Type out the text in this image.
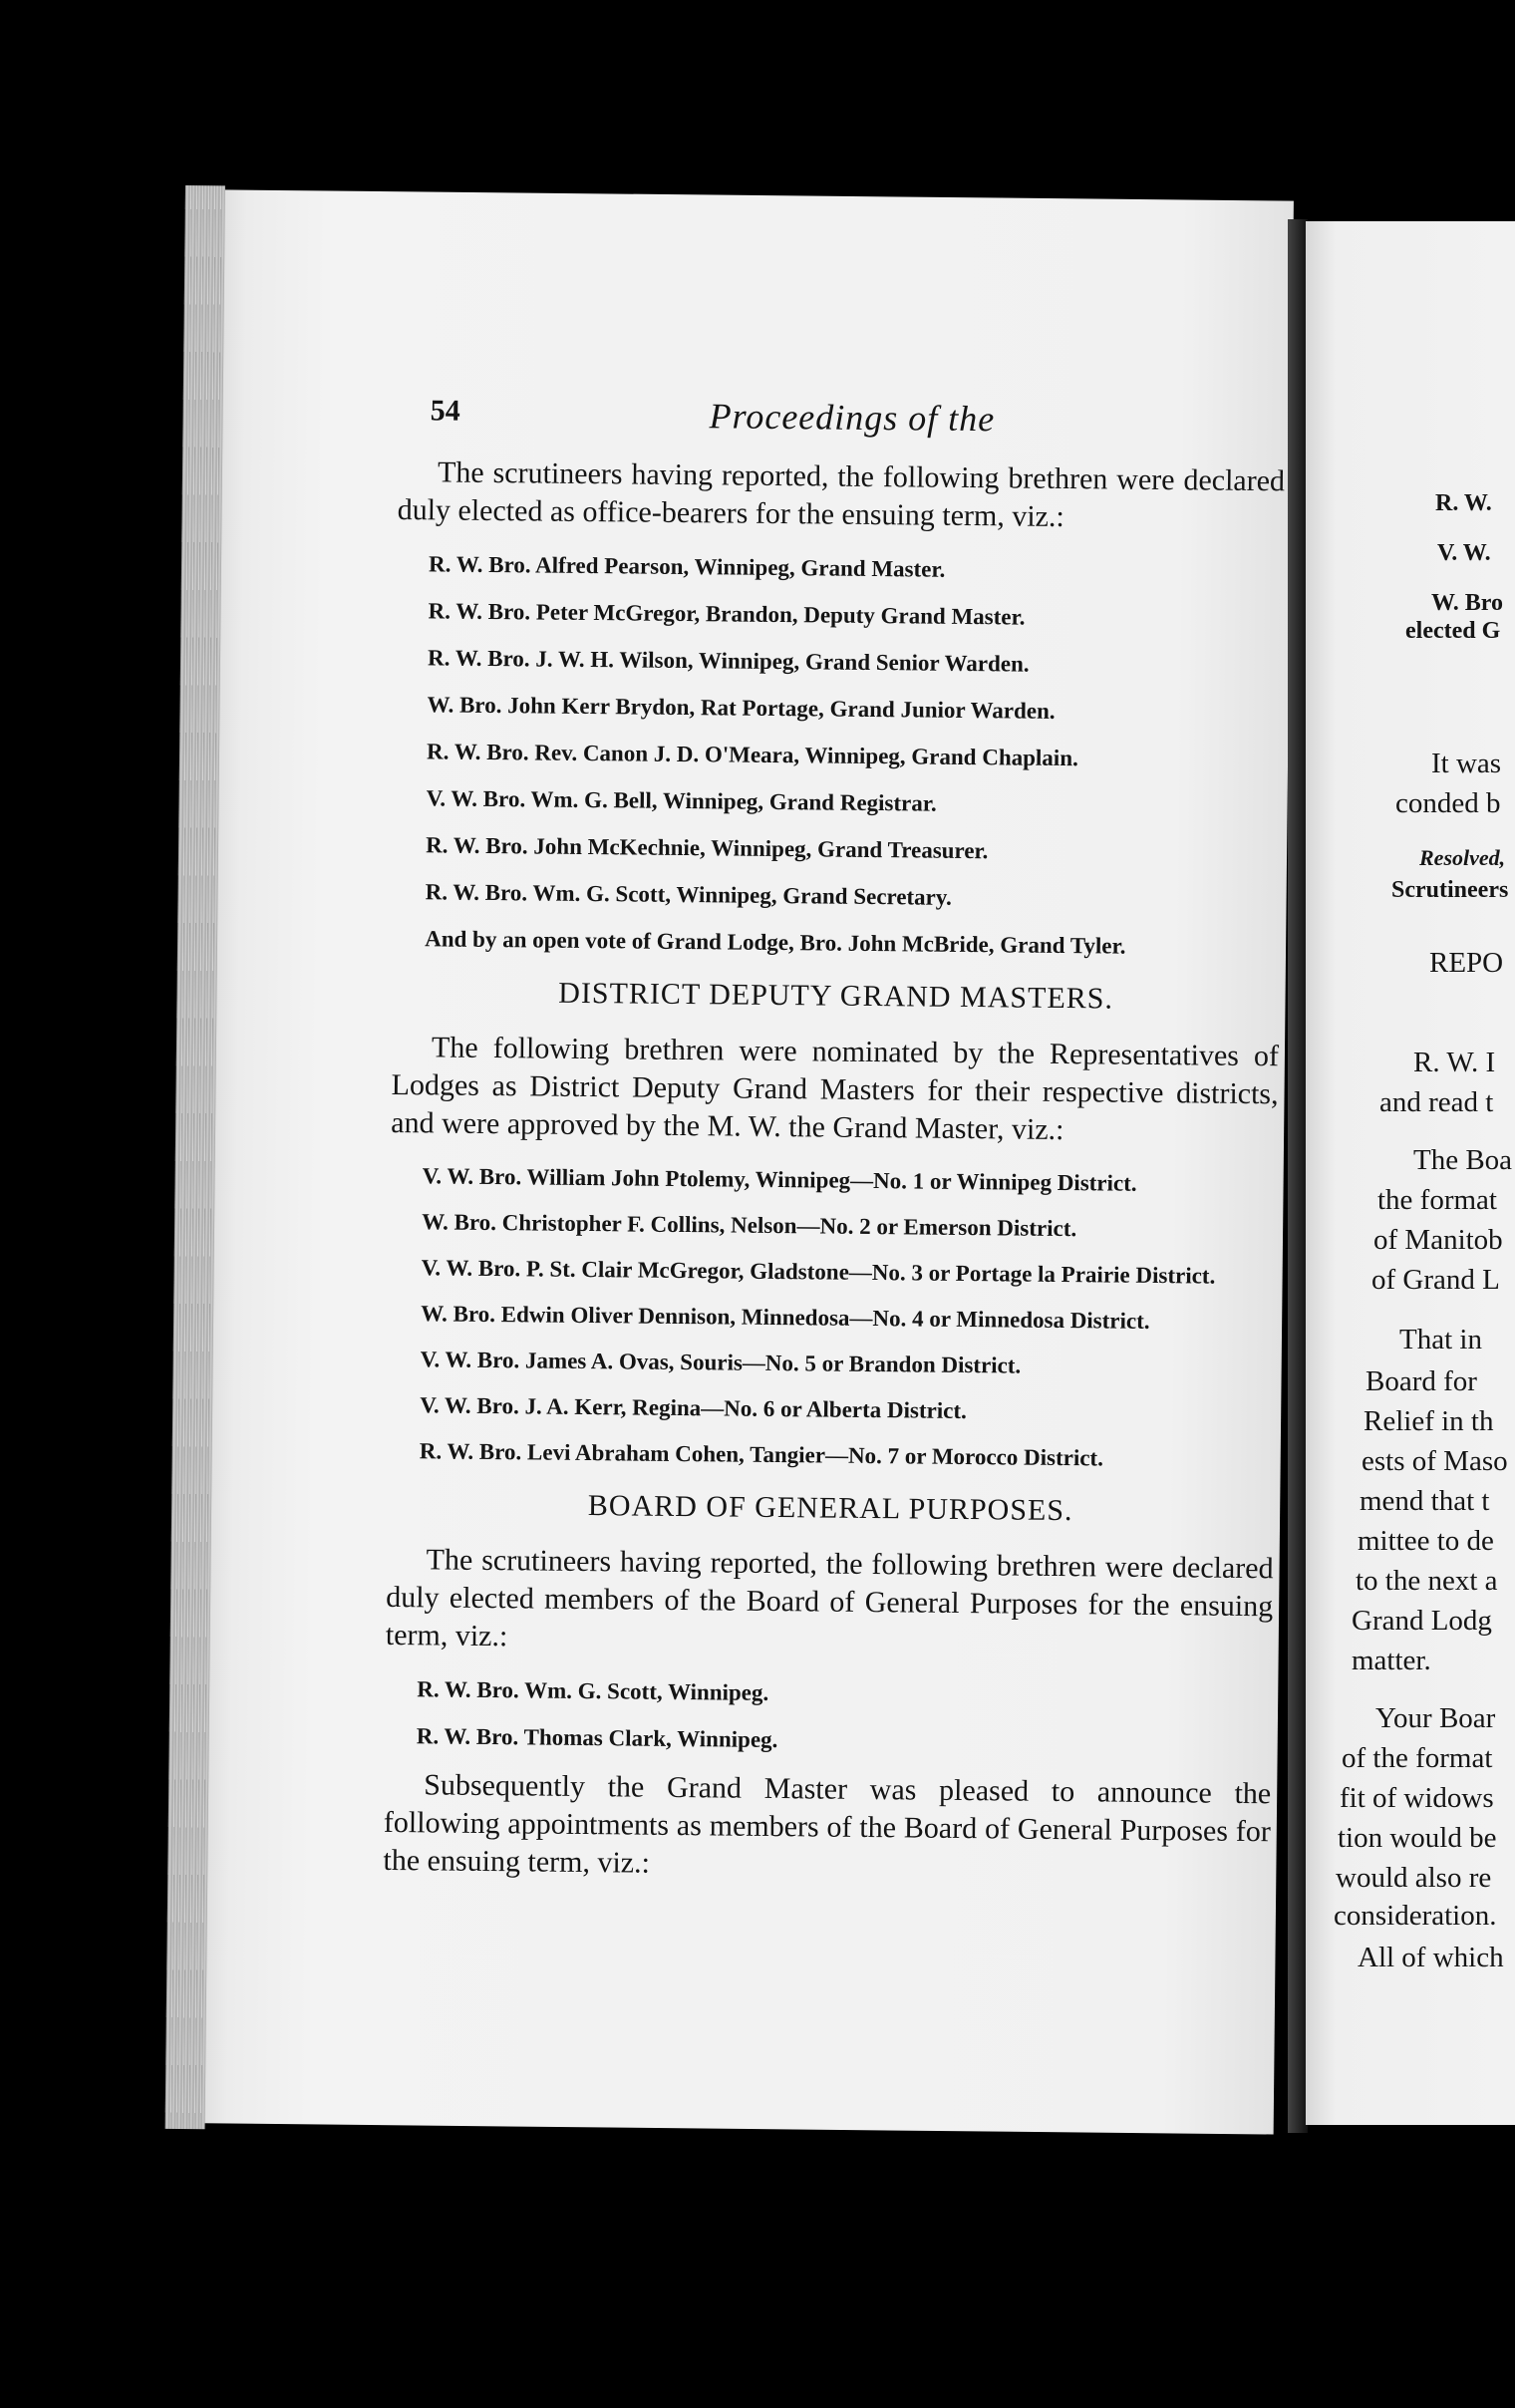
54	Proceedings of the

The scrutineers having reported, the following brethren were declared duly elected as office-bearers for the ensuing term, viz.:

R. W. Bro. Alfred Pearson, Winnipeg, Grand Master.

R. W. Bro. Peter McGregor, Brandon, Deputy Grand Master.

R. W. Bro. J. W. H. Wilson, Winnipeg, Grand Senior Warden.

W. Bro. John Kerr Brydon, Rat Portage, Grand Junior Warden.

R. W. Bro. Rev. Canon J. D. O'Meara, Winnipeg, Grand Chaplain.

V. W. Bro. Wm. G. Bell, Winnipeg, Grand Registrar.

R. W. Bro. John McKechnie, Winnipeg, Grand Treasurer.

R. W. Bro. Wm. G. Scott, Winnipeg, Grand Secretary.

And by an open vote of Grand Lodge, Bro. John McBride, Grand Tyler.

DISTRICT DEPUTY GRAND MASTERS.

The following brethren were nominated by the Representatives of Lodges as District Deputy Grand Masters for their respective districts, and were approved by the M. W. the Grand Master, viz.:

V. W. Bro. William John Ptolemy, Winnipeg—No. 1 or Winnipeg District.

W. Bro. Christopher F. Collins, Nelson—No. 2 or Emerson District.

V. W. Bro. P. St. Clair McGregor, Gladstone—No. 3 or Portage la Prairie District.

W. Bro. Edwin Oliver Dennison, Minnedosa—No. 4 or Minnedosa District.

V. W. Bro. James A. Ovas, Souris—No. 5 or Brandon District.

V. W. Bro. J. A. Kerr, Regina—No. 6 or Alberta District.

R. W. Bro. Levi Abraham Cohen, Tangier—No. 7 or Morocco District.

BOARD OF GENERAL PURPOSES.

The scrutineers having reported, the following brethren were declared duly elected members of the Board of General Purposes for the ensuing term, viz.:

R. W. Bro. Wm. G. Scott, Winnipeg.

R. W. Bro. Thomas Clark, Winnipeg.

Subsequently the Grand Master was pleased to announce the following appointments as members of the Board of General Purposes for the ensuing term, viz.:

R. W.
V. W.
W. Bro
elected G
It was
conded b
Resolved,
Scrutineers
REPO
R. W. I
and read t
The Boa
the format
of Manitob
of Grand L
That in
Board for
Relief in th
ests of Maso
mend that t
mittee to de
to the next a
Grand Lodg
matter.
Your Boar
of the format
fit of widows
tion would be
would also re
consideration.
All of which
